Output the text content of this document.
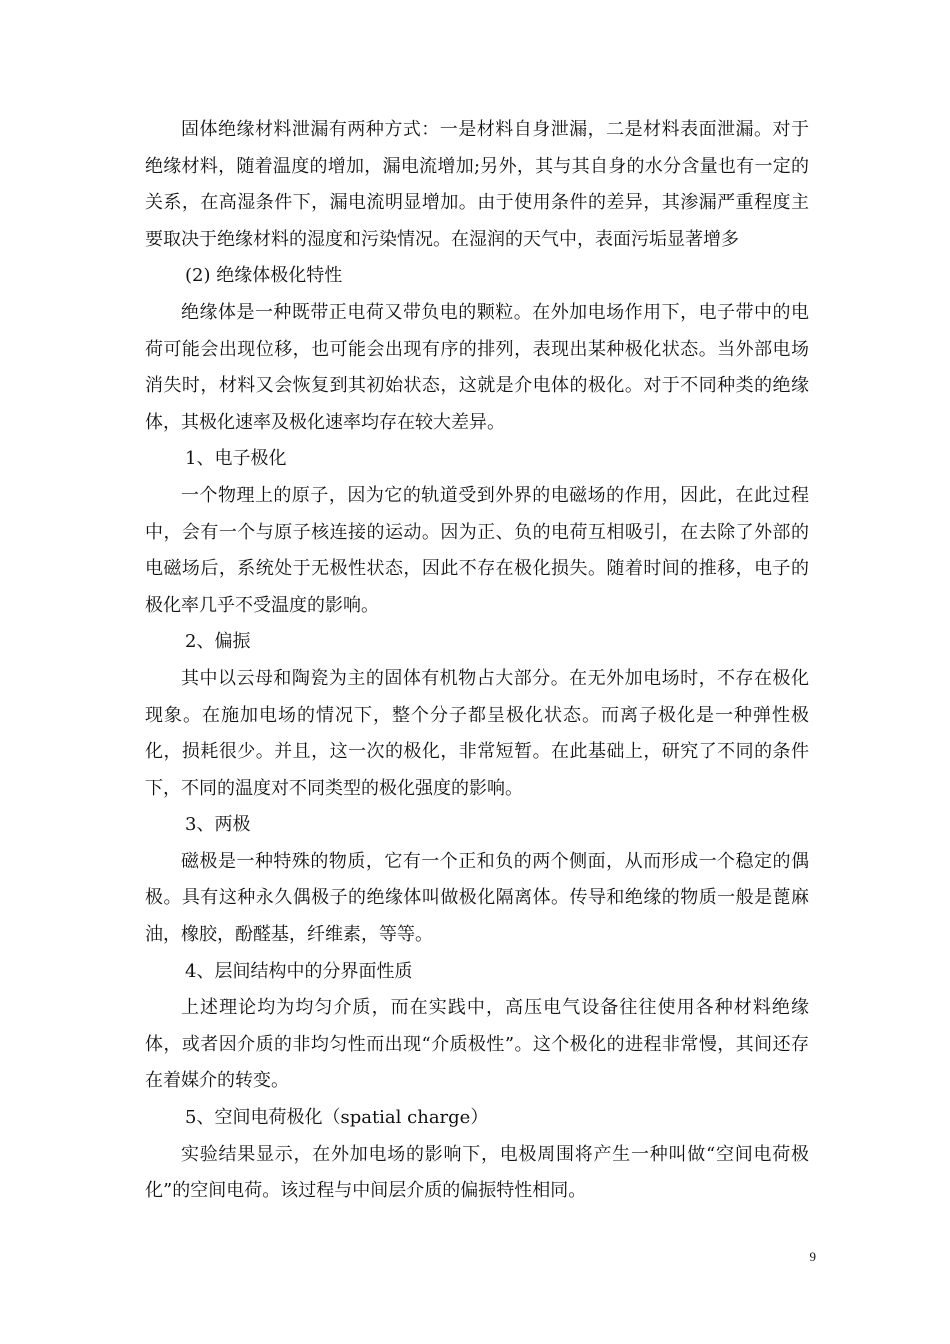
固体绝缘材料泄漏有两种方式：一是材料自身泄漏，二是材料表面泄漏。对于绝缘材料，随着温度的增加，漏电流增加;另外，其与其自身的水分含量也有一定的关系，在高湿条件下，漏电流明显增加。由于使用条件的差异，其渗漏严重程度主要取决于绝缘材料的湿度和污染情况。在湿润的天气中，表面污垢显著增多

(2) 绝缘体极化特性

绝缘体是一种既带正电荷又带负电的颗粒。在外加电场作用下，电子带中的电荷可能会出现位移，也可能会出现有序的排列，表现出某种极化状态。当外部电场消失时，材料又会恢复到其初始状态，这就是介电体的极化。对于不同种类的绝缘体，其极化速率及极化速率均存在较大差异。

1、电子极化

一个物理上的原子，因为它的轨道受到外界的电磁场的作用，因此，在此过程中，会有一个与原子核连接的运动。因为正、负的电荷互相吸引，在去除了外部的电磁场后，系统处于无极性状态，因此不存在极化损失。随着时间的推移，电子的极化率几乎不受温度的影响。

2、偏振

其中以云母和陶瓷为主的固体有机物占大部分。在无外加电场时，不存在极化现象。在施加电场的情况下，整个分子都呈极化状态。而离子极化是一种弹性极化，损耗很少。并且，这一次的极化，非常短暂。在此基础上，研究了不同的条件下，不同的温度对不同类型的极化强度的影响。

3、两极

磁极是一种特殊的物质，它有一个正和负的两个侧面，从而形成一个稳定的偶极。具有这种永久偶极子的绝缘体叫做极化隔离体。传导和绝缘的物质一般是蓖麻油，橡胶，酚醛基，纤维素，等等。

4、层间结构中的分界面性质

上述理论均为均匀介质，而在实践中，高压电气设备往往使用各种材料绝缘体，或者因介质的非均匀性而出现“介质极性”。这个极化的进程非常慢，其间还存在着媒介的转变。

5、空间电荷极化（spatial charge）

实验结果显示，在外加电场的影响下，电极周围将产生一种叫做“空间电荷极化”的空间电荷。该过程与中间层介质的偏振特性相同。

9
